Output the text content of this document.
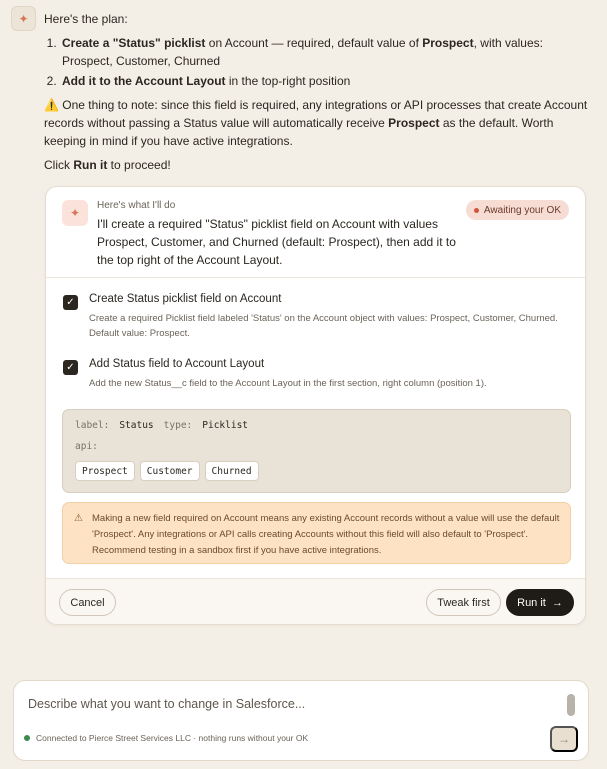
✦	Here's the plan:

1. Create a "Status" picklist on Account — required, default value of Prospect, with values: Prospect, Customer, Churned
2. Add it to the Account Layout in the top-right position

⚠️ One thing to note: since this field is required, any integrations or API processes that create Account records without passing a Status value will automatically receive Prospect as the default. Worth keeping in mind if you have active integrations.

Click Run it to proceed!

✦
Here's what I'll do
I'll create a required "Status" picklist field on Account with values Prospect, Customer, and Churned (default: Prospect), then add it to the top right of the Account Layout.
Awaiting your OK
✓ Create Status picklist field on Account
Create a required Picklist field labeled 'Status' on the Account object with values: Prospect, Customer, Churned. Default value: Prospect.
✓ Add Status field to Account Layout
Add the new Status__c field to the Account Layout in the first section, right column (position 1).
label: Status type: Picklist
api:
Prospect	Customer	Churned
⚠ Making a new field required on Account means any existing Account records without a value will use the default 'Prospect'. Any integrations or API calls creating Accounts without this field will also default to 'Prospect'. Recommend testing in a sandbox first if you have active integrations.
Cancel	Tweak first	Run it →
Describe what you want to change in Salesforce...
Connected to Pierce Street Services LLC · nothing runs without your OK	→
